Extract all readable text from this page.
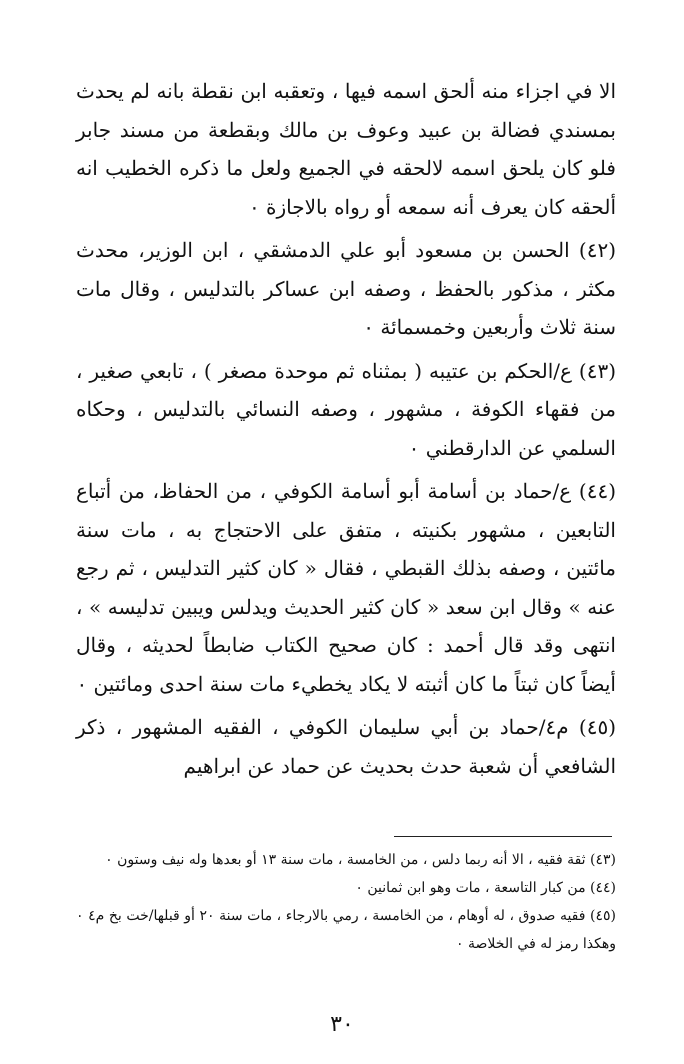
الا في اجزاء منه ألحق اسمه فيها ، وتعقبه ابن نقطة بانه لم يحدث بمسندي فضالة بن عبيد وعوف بن مالك وبقطعة من مسند جابر فلو كان يلحق اسمه لالحقه في الجميع ولعل ما ذكره الخطيب انه ألحقه كان يعرف أنه سمعه أو رواه بالاجازة ٠

(٤٢) الحسن بن مسعود أبو علي الدمشقي ، ابن الوزير، محدث مكثر ، مذكور بالحفظ ، وصفه ابن عساكر بالتدليس ، وقال مات سنة ثلاث وأربعين وخمسمائة ٠

(٤٣) ع/الحكم بن عتيبه ( بمثناه ثم موحدة مصغر ) ، تابعي صغير ، من فقهاء الكوفة ، مشهور ، وصفه النسائي بالتدليس ، وحكاه السلمي عن الدارقطني ٠

(٤٤) ع/حماد بن أسامة أبو أسامة الكوفي ، من الحفاظ، من أتباع التابعين ، مشهور بكنيته ، متفق على الاحتجاج به ، مات سنة مائتين ، وصفه بذلك القبطي ، فقال « كان كثير التدليس ، ثم رجع عنه » وقال ابن سعد « كان كثير الحديث ويدلس ويبين تدليسه » ، انتهى وقد قال أحمد : كان صحيح الكتاب ضابطاً لحديثه ، وقال أيضاً كان ثبتاً ما كان أثبته لا يكاد يخطيء مات سنة احدى ومائتين ٠

(٤٥) م٤/حماد بن أبي سليمان الكوفي ، الفقيه المشهور ، ذكر الشافعي أن شعبة حدث بحديث عن حماد عن ابراهيم

(٤٣) ثقة فقيه ، الا أنه ربما دلس ، من الخامسة ، مات سنة ١٣ أو بعدها وله نيف وستون ٠

(٤٤) من كبار التاسعة ، مات وهو ابن ثمانين ٠

(٤٥) فقيه صدوق ، له أوهام ، من الخامسة ، رمي بالارجاء ، مات سنة ٢٠ أو قبلها/خت بخ م٤ ٠ وهكذا رمز له في الخلاصة ٠

٣٠
